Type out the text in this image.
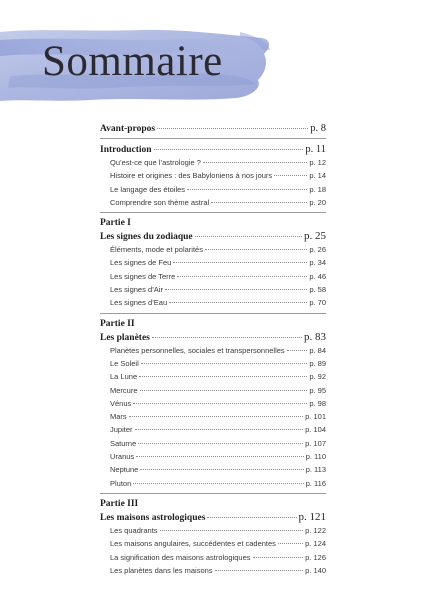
Sommaire
Avant-propos	p. 8
Introduction	p. 11
Qu’est-ce que l’astrologie ?	p. 12
Histoire et origines : des Babyloniens à nos jours	p. 14
Le langage des étoiles	p. 18
Comprendre son thème astral	p. 20
Partie I
Les signes du zodiaque	p. 25
Éléments, mode et polarités	p. 26
Les signes de Feu	p. 34
Les signes de Terre	p. 46
Les signes d’Air	p. 58
Les signes d’Eau	p. 70
Partie II
Les planètes	p. 83
Planètes personnelles, sociales et transpersonnelles	p. 84
Le Soleil	p. 89
La Lune	p. 92
Mercure	p. 95
Vénus	p. 98
Mars	p. 101
Jupiter	p. 104
Saturne	p. 107
Uranus	p. 110
Neptune	p. 113
Pluton	p. 116
Partie III
Les maisons astrologiques	p. 121
Les quadrants	p. 122
Les maisons angulaires, succédentes et cadentes	p. 124
La signification des maisons astrologiques	p. 126
Les planètes dans les maisons	p. 140
